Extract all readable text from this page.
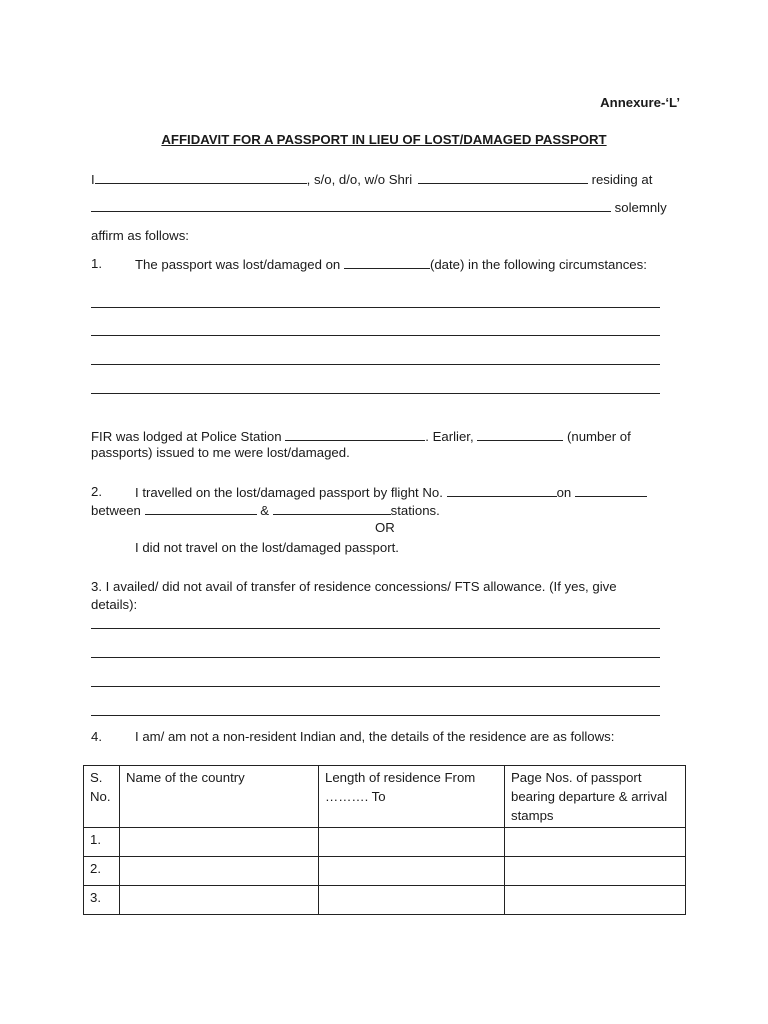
Annexure-‘L’
AFFIDAVIT FOR A PASSPORT IN LIEU OF LOST/DAMAGED PASSPORT
I	, s/o, d/o, w/o Shri	residing at
solemnly
affirm as follows:
1.	The passport was lost/damaged on	(date) in the following circumstances:
FIR was lodged at Police Station	. Earlier,	(number of
passports) issued to me were lost/damaged.
2.	I travelled on the lost/damaged passport by flight No.	on
between	&	stations.
OR
I did not travel on the lost/damaged passport.
3. I availed/ did not avail of transfer of residence concessions/ FTS allowance. (If yes, give
details):
4.	I am/ am not a non-resident Indian and, the details of the residence are as follows:
S. No.	Name of the country	Length of residence From ………. To	Page Nos. of passport bearing departure & arrival stamps
1.			
2.			
3.			
